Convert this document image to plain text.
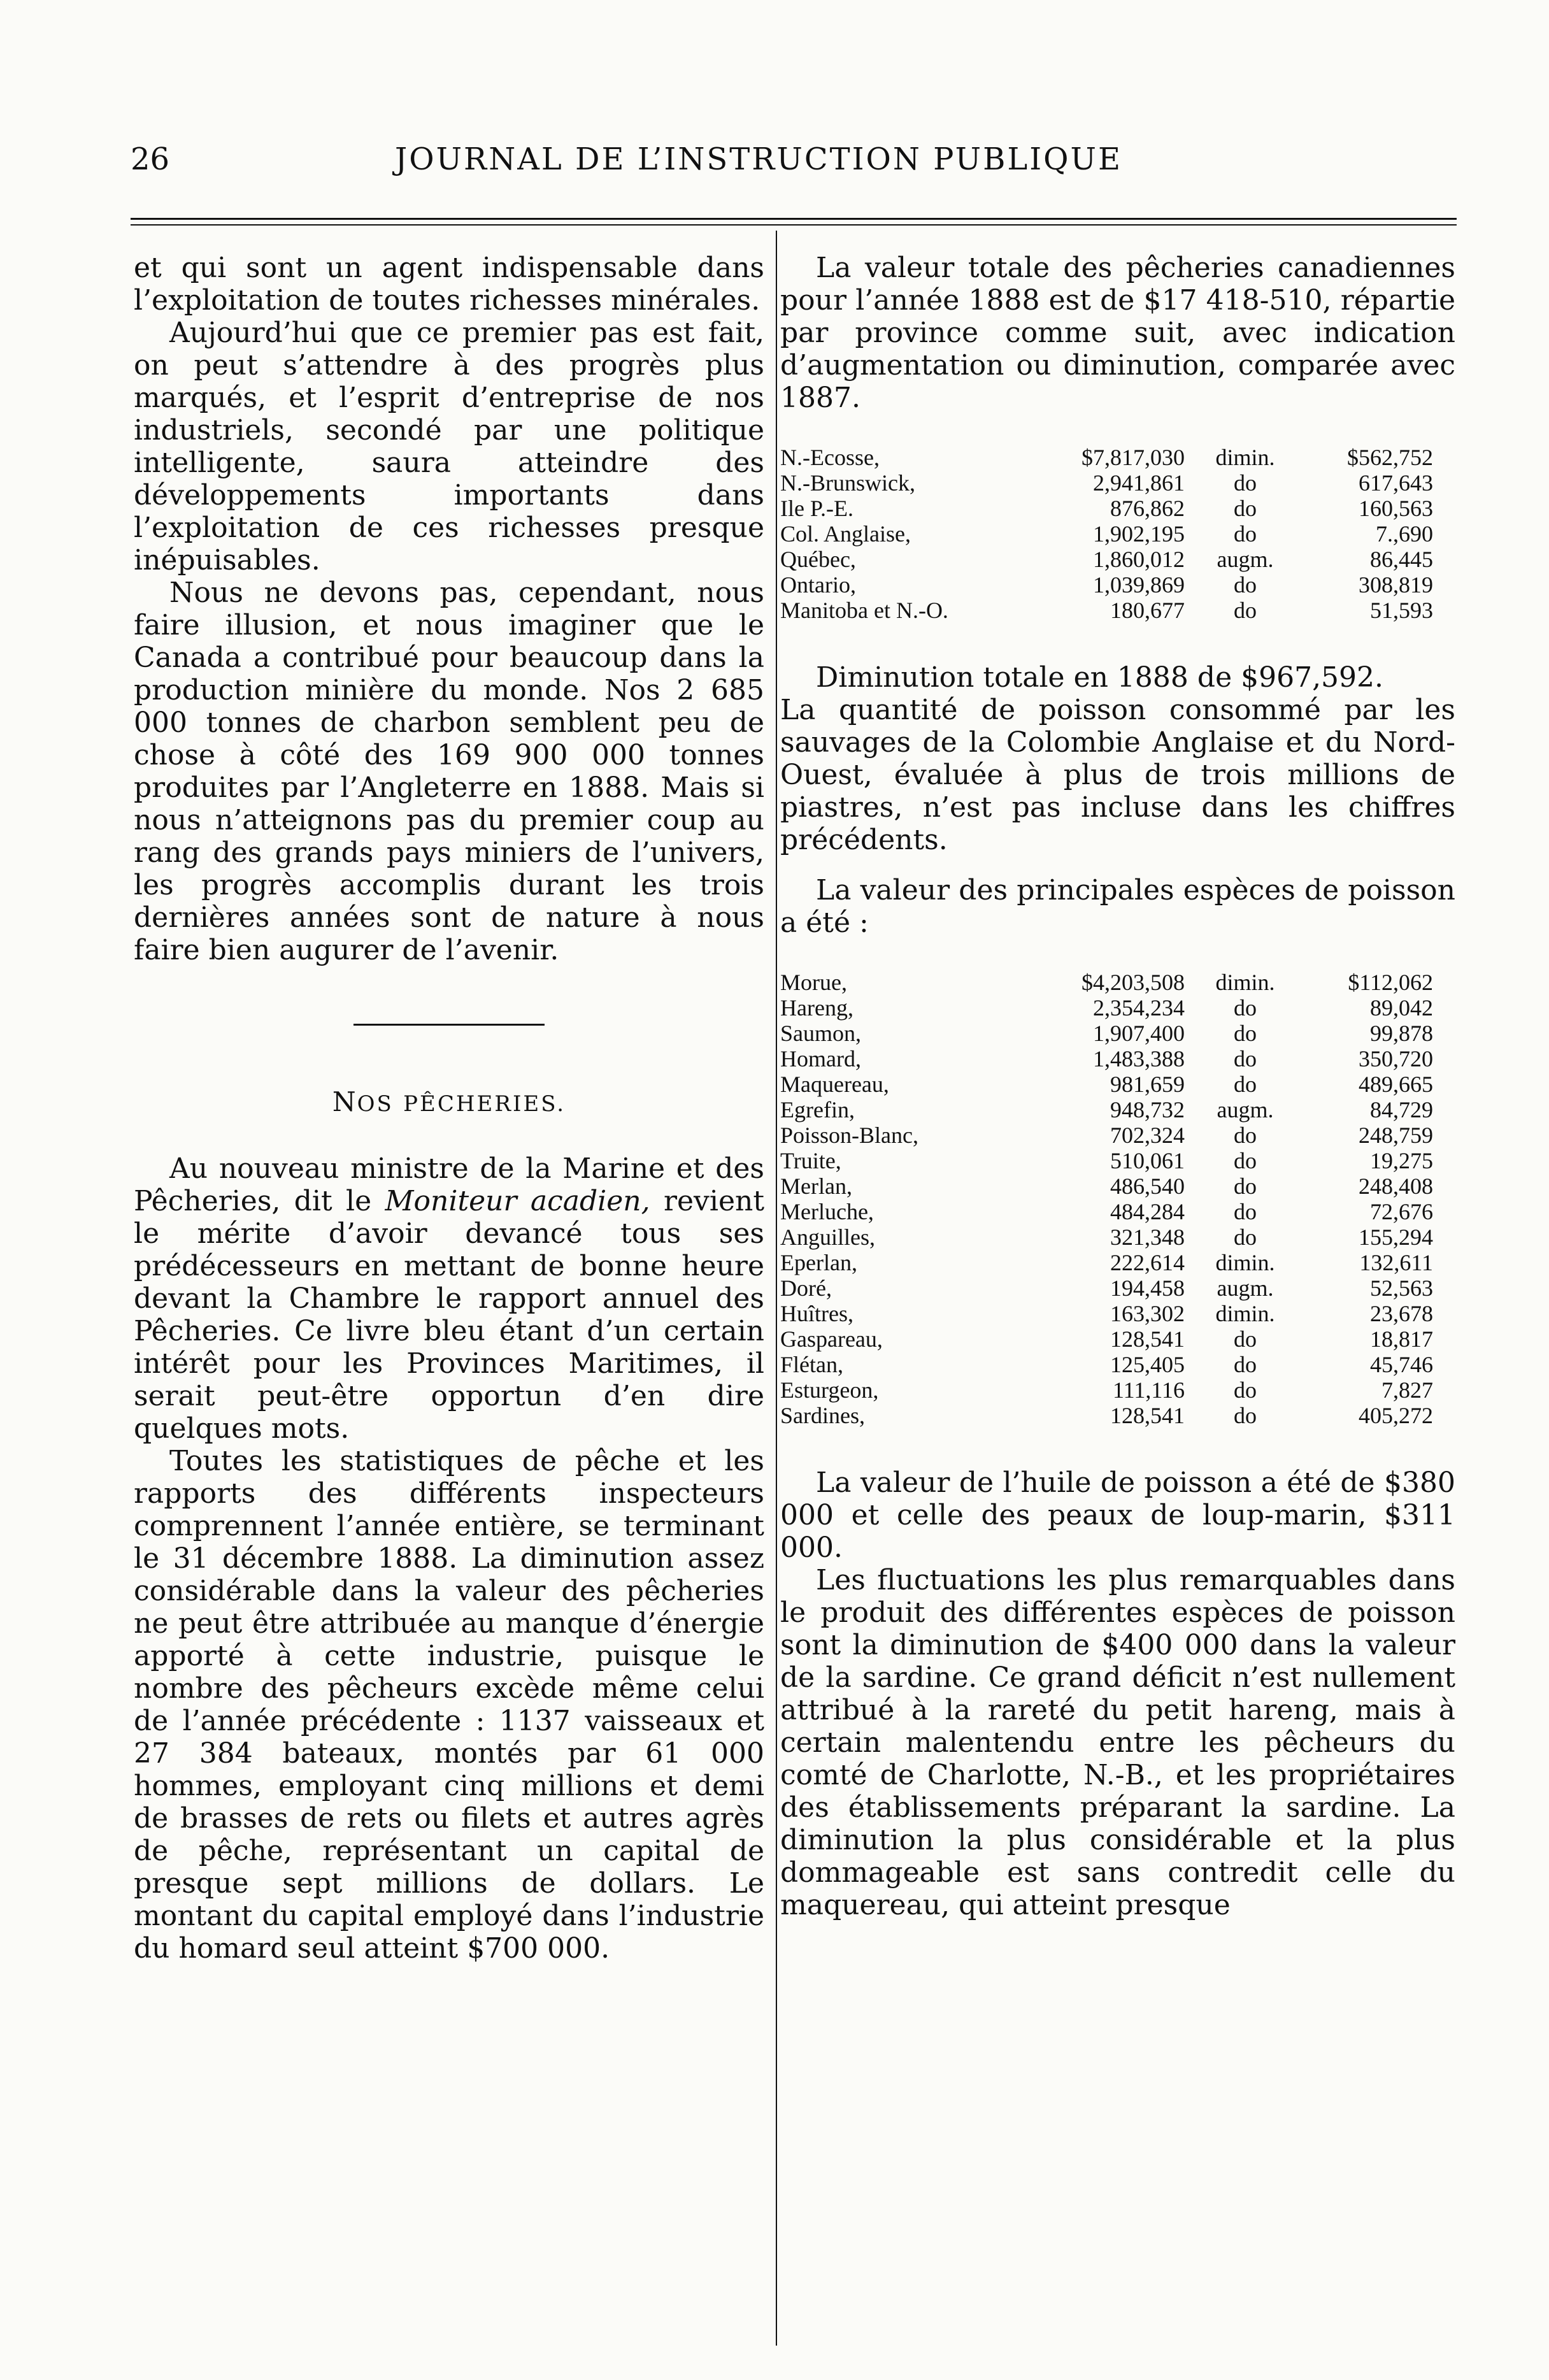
26	JOURNAL DE L’INSTRUCTION PUBLIQUE

et qui sont un agent indispensable dans l’exploitation de toutes richesses minérales.

Aujourd’hui que ce premier pas est fait, on peut s’attendre à des progrès plus marqués, et l’esprit d’entreprise de nos industriels, secondé par une politique intelligente, saura atteindre des développements importants dans l’exploitation de ces richesses presque inépuisables.

Nous ne devons pas, cependant, nous faire illusion, et nous imaginer que le Canada a contribué pour beaucoup dans la production minière du monde. Nos 2 685 000 tonnes de charbon semblent peu de chose à côté des 169 900 000 tonnes produites par l’Angleterre en 1888. Mais si nous n’atteignons pas du premier coup au rang des grands pays miniers de l’univers, les progrès accomplis durant les trois dernières années sont de nature à nous faire bien augurer de l’avenir.

NOS PÊCHERIES.

Au nouveau ministre de la Marine et des Pêcheries, dit le Moniteur acadien, revient le mérite d’avoir devancé tous ses prédécesseurs en mettant de bonne heure devant la Chambre le rapport annuel des Pêcheries. Ce livre bleu étant d’un certain intérêt pour les Provinces Maritimes, il serait peut-être opportun d’en dire quelques mots.

Toutes les statistiques de pêche et les rapports des différents inspecteurs comprennent l’année entière, se terminant le 31 décembre 1888. La diminution assez considérable dans la valeur des pêcheries ne peut être attribuée au manque d’énergie apporté à cette industrie, puisque le nombre des pêcheurs excède même celui de l’année précédente : 1137 vaisseaux et 27 384 bateaux, montés par 61 000 hommes, employant cinq millions et demi de brasses de rets ou filets et autres agrès de pêche, représentant un capital de presque sept millions de dollars. Le montant du capital employé dans l’industrie du homard seul atteint $700 000.

La valeur totale des pêcheries canadiennes pour l’année 1888 est de $17 418-510, répartie par province comme suit, avec indication d’augmentation ou diminution, comparée avec 1887.

N.-Ecosse,	$7,817,030	dimin.	$562,752
N.-Brunswick,	2,941,861	do	617,643
Ile P.-E.	876,862	do	160,563
Col. Anglaise,	1,902,195	do	7.,690
Québec,	1,860,012	augm.	86,445
Ontario,	1,039,869	do	308,819
Manitoba et N.-O.	180,677	do	51,593

Diminution totale en 1888 de $967,592.

La quantité de poisson consommé par les sauvages de la Colombie Anglaise et du Nord-Ouest, évaluée à plus de trois millions de piastres, n’est pas incluse dans les chiffres précédents.

La valeur des principales espèces de poisson a été :

Morue,	$4,203,508	dimin.	$112,062
Hareng,	2,354,234	do	89,042
Saumon,	1,907,400	do	99,878
Homard,	1,483,388	do	350,720
Maquereau,	981,659	do	489,665
Egrefin,	948,732	augm.	84,729
Poisson-Blanc,	702,324	do	248,759
Truite,	510,061	do	19,275
Merlan,	486,540	do	248,408
Merluche,	484,284	do	72,676
Anguilles,	321,348	do	155,294
Eperlan,	222,614	dimin.	132,611
Doré,	194,458	augm.	52,563
Huîtres,	163,302	dimin.	23,678
Gaspareau,	128,541	do	18,817
Flétan,	125,405	do	45,746
Esturgeon,	111,116	do	7,827
Sardines,	128,541	do	405,272

La valeur de l’huile de poisson a été de $380 000 et celle des peaux de loup-marin, $311 000.

Les fluctuations les plus remarquables dans le produit des différentes espèces de poisson sont la diminution de $400 000 dans la valeur de la sardine. Ce grand déficit n’est nullement attribué à la rareté du petit hareng, mais à certain malentendu entre les pêcheurs du comté de Charlotte, N.-B., et les propriétaires des établissements préparant la sardine. La diminution la plus considérable et la plus dommageable est sans contredit celle du maquereau, qui atteint presque
